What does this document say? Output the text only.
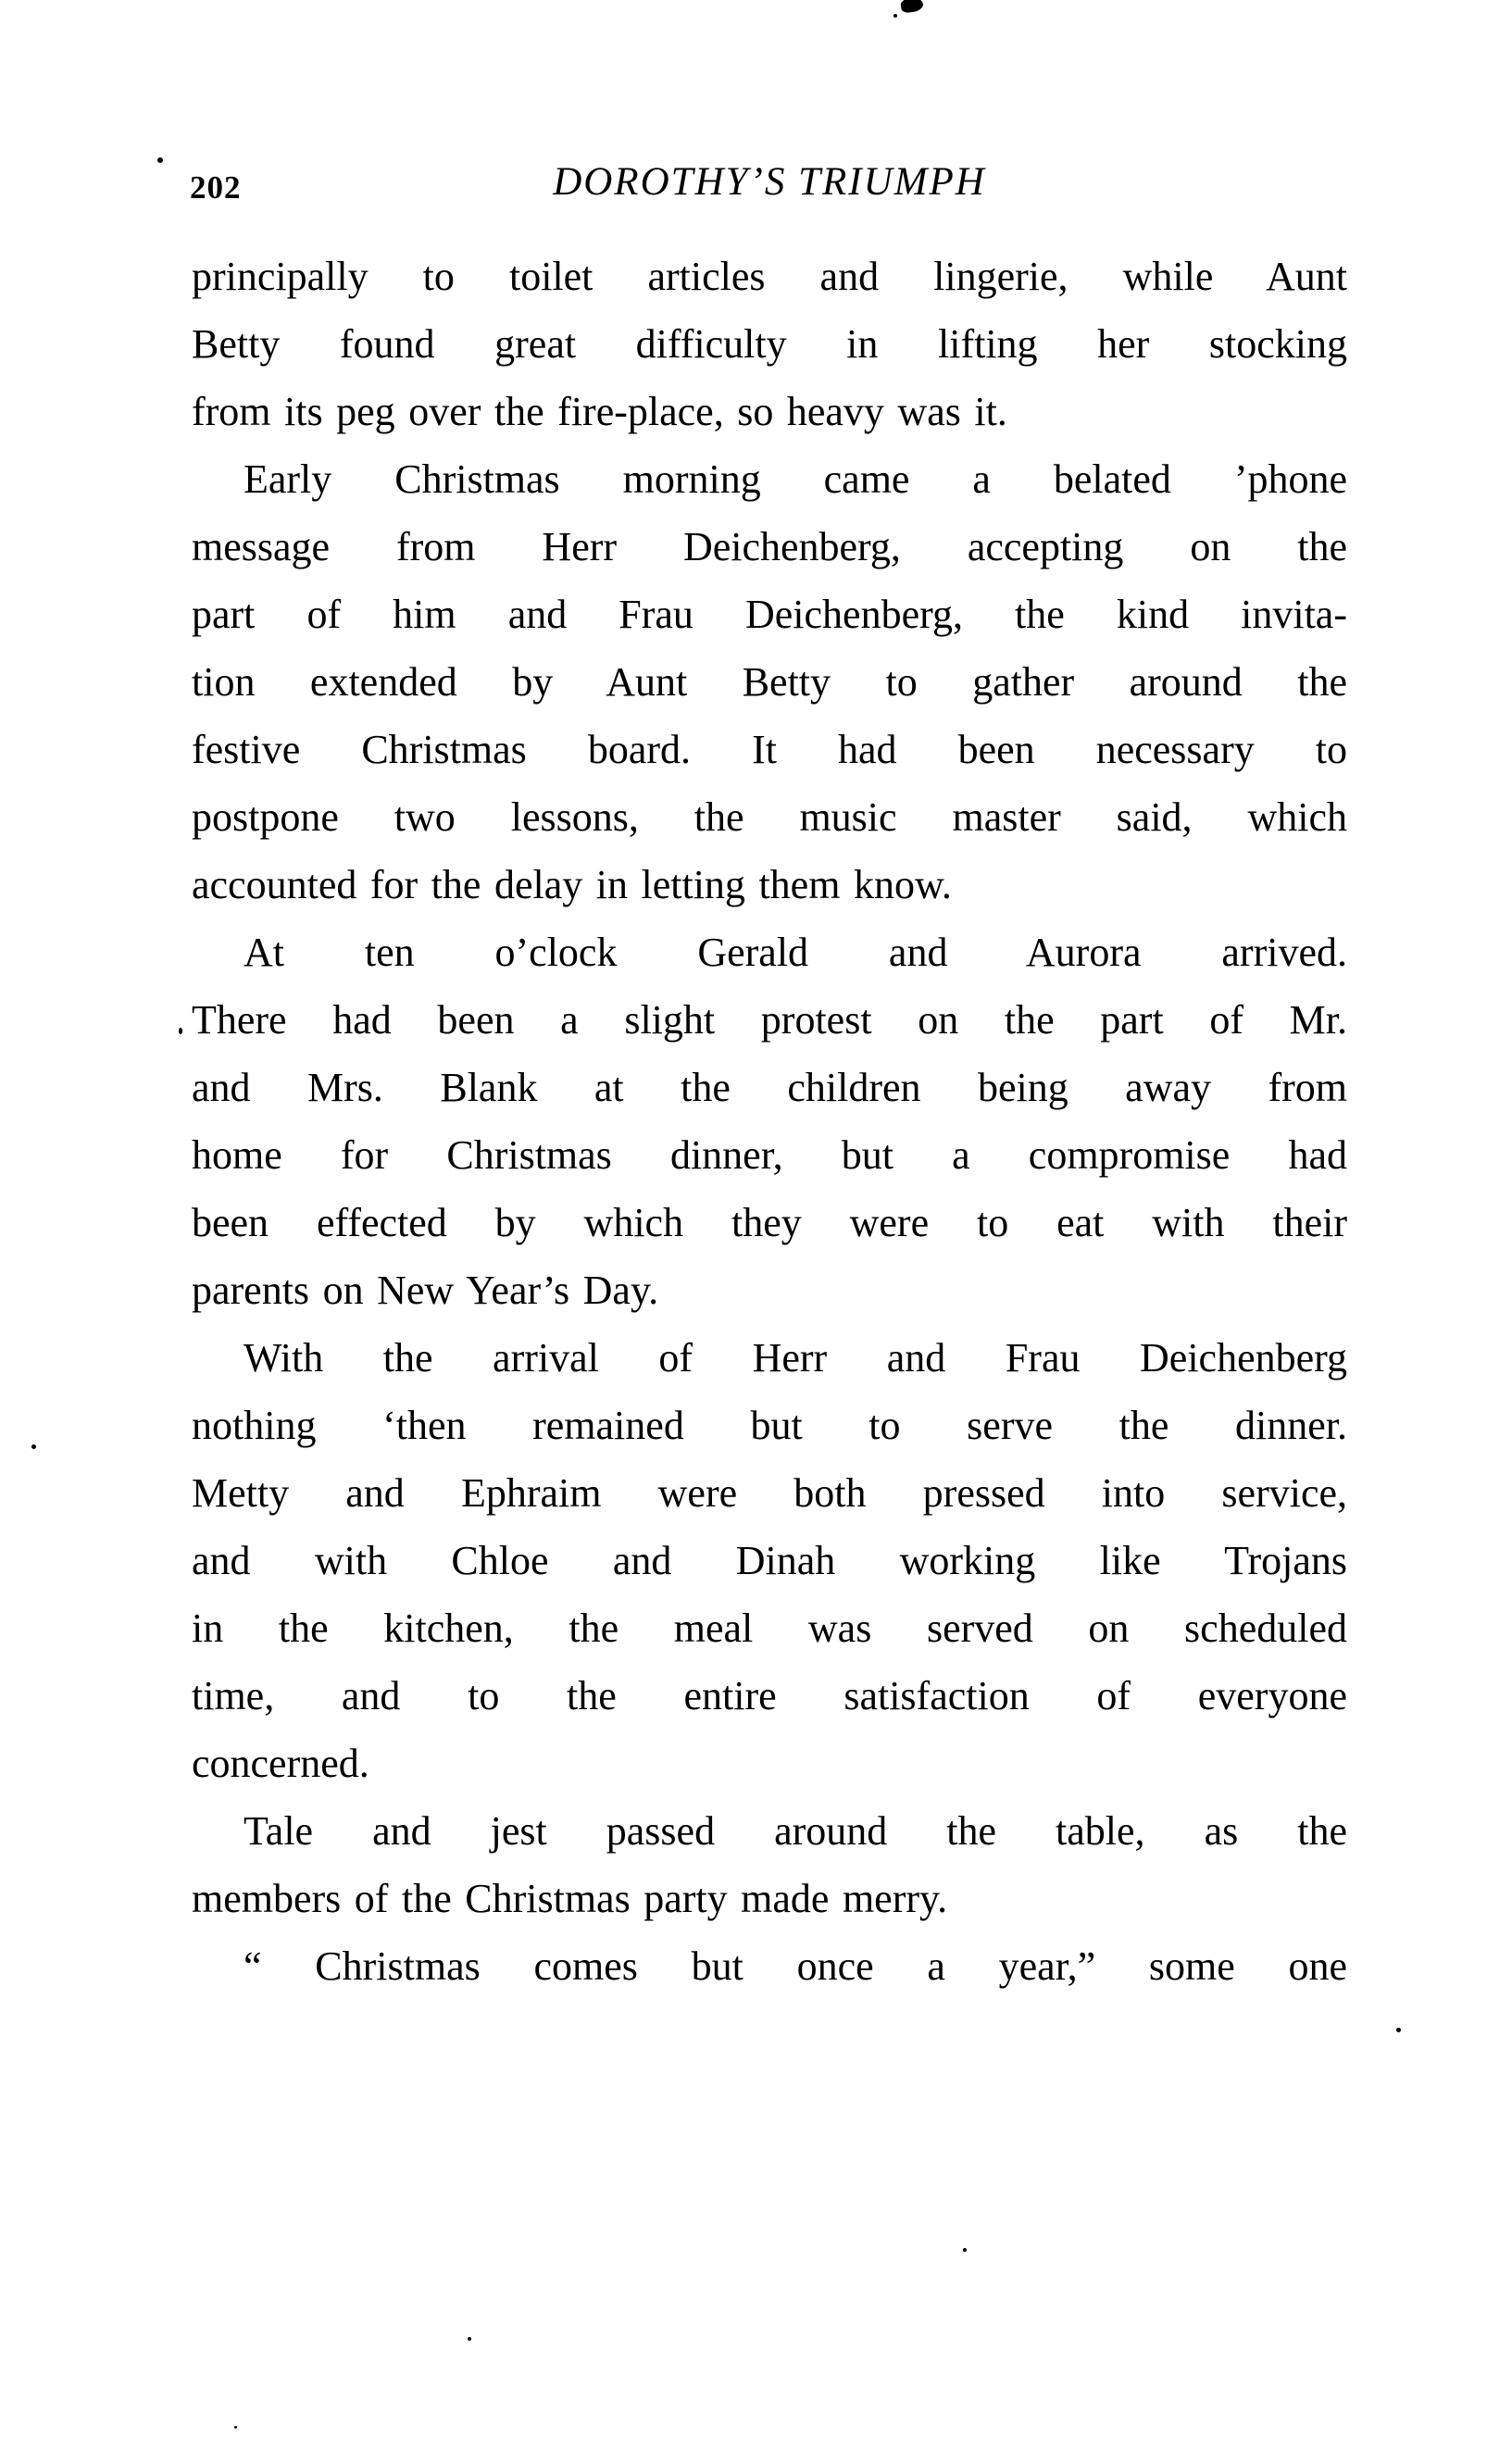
202	DOROTHY’S TRIUMPH
principally to toilet articles and lingerie, while Aunt
Betty found great difficulty in lifting her stocking
from its peg over the fire-place, so heavy was it.
Early Christmas morning came a belated ’phone
message from Herr Deichenberg, accepting on the
part of him and Frau Deichenberg, the kind invita-
tion extended by Aunt Betty to gather around the
festive Christmas board. It had been necessary to
postpone two lessons, the music master said, which
accounted for the delay in letting them know.
At ten o’clock Gerald and Aurora arrived.
There had been a slight protest on the part of Mr.
and Mrs. Blank at the children being away from
home for Christmas dinner, but a compromise had
been effected by which they were to eat with their
parents on New Year’s Day.
With the arrival of Herr and Frau Deichenberg
nothing ‘then remained but to serve the dinner.
Metty and Ephraim were both pressed into service,
and with Chloe and Dinah working like Trojans
in the kitchen, the meal was served on scheduled
time, and to the entire satisfaction of everyone
concerned.
Tale and jest passed around the table, as the
members of the Christmas party made merry.
“ Christmas comes but once a year,” some one
